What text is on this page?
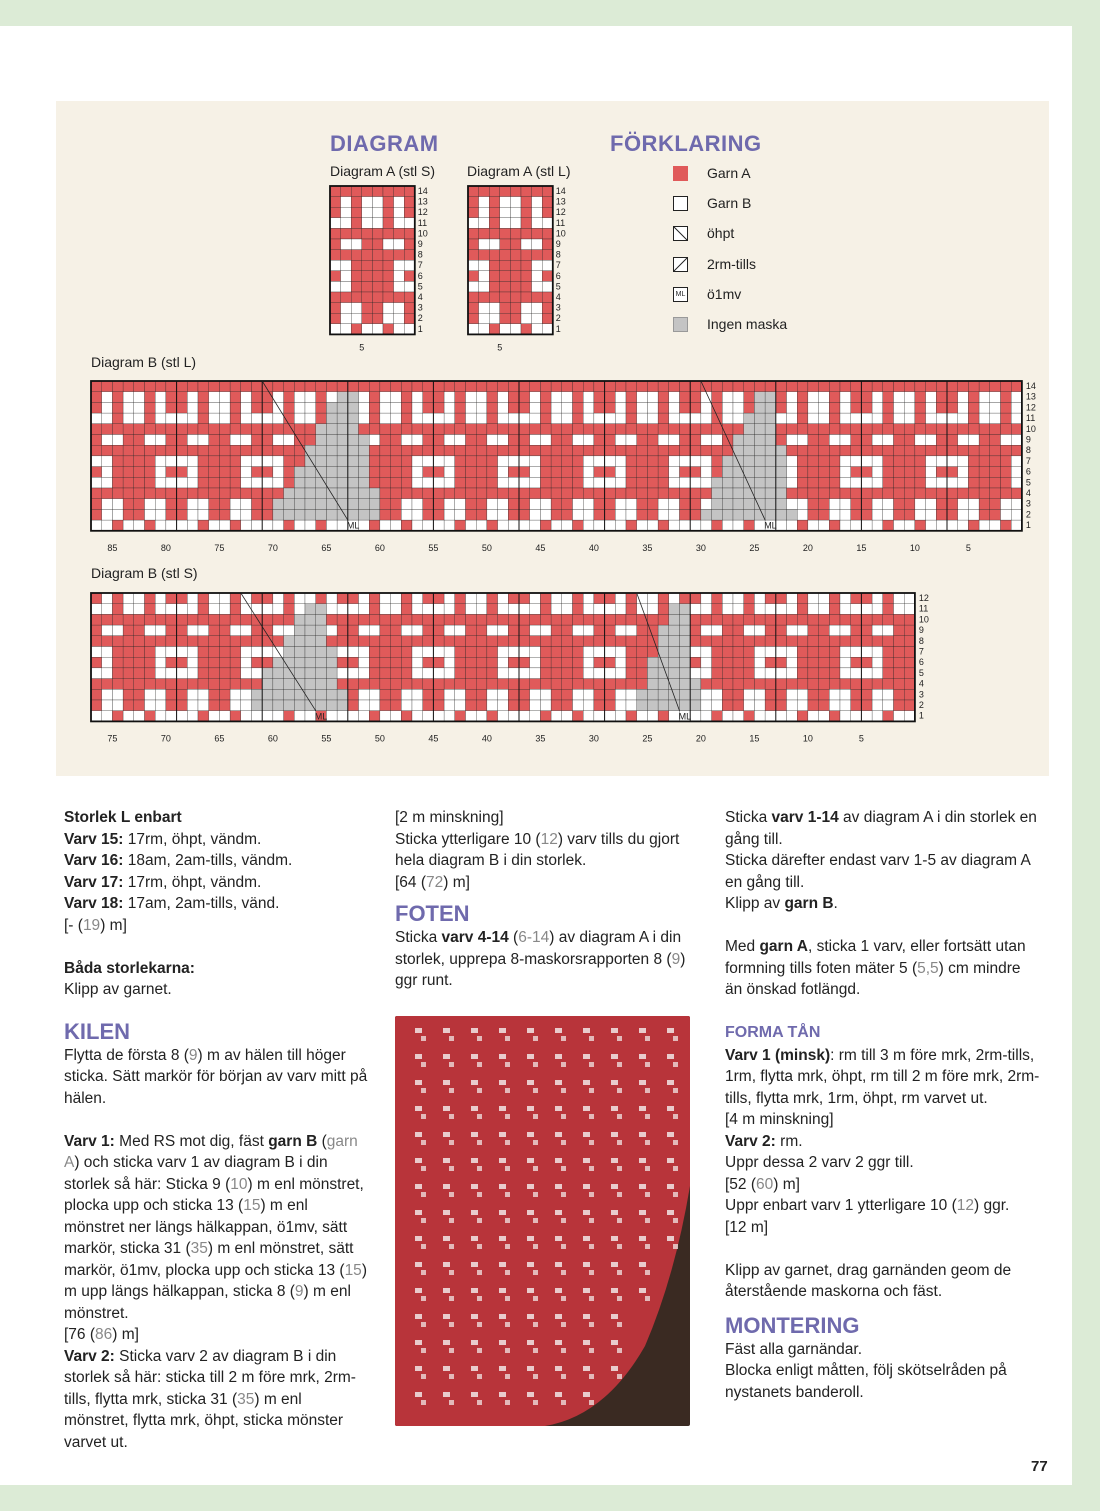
DIAGRAM	FÖRKLARING
Diagram A (stl S) Diagram A (stl L)
14
13
12
11
10
9
8
7
6
5
4
3
2
1
5
14
13
12
11
10
9
8
7
6
5
4
3
2
1
5
Garn A
Garn B
öhpt
2rm-tills
ML ö1mv
Ingen maska
Diagram B (stl L)
ML	ML
14
13
12
11
10
9
8
7
6
5
4
3
2
1
85	80	75	70	65	60	55	50	45	40	35	30	25	20	15	10	5
Diagram B (stl S)
ML	ML
12
11
10
9
8
7
6
5
4
3
2
1
75	70	65	60	55	50	45	40	35	30	25	20	15	10	5

Storlek L enbart

Varv 15: 17rm, öhpt, vändm.

Varv 16: 18am, 2am-tills, vändm.

Varv 17: 17rm, öhpt, vändm.

Varv 18: 17am, 2am-tills, vänd.

[- (19) m]

Båda storlekarna:

Klipp av garnet.

KILEN

Flytta de första 8 (9) m av hälen till höger sticka. Sätt markör för början av varv mitt på hälen.

Varv 1: Med RS mot dig, fäst garn B (garn A) och sticka varv 1 av diagram B i din storlek så här: Sticka 9 (10) m enl mönstret, plocka upp och sticka 13 (15) m enl mönstret ner längs hälkappan, ö1mv, sätt markör, sticka 31 (35) m enl mönstret, sätt markör, ö1mv, plocka upp och sticka 13 (15) m upp längs hälkappan, sticka 8 (9) m enl mönstret.

[76 (86) m]

Varv 2: Sticka varv 2 av diagram B i din storlek så här: sticka till 2 m före mrk, 2rm-tills, flytta mrk, sticka 31 (35) m enl mönstret, flytta mrk, öhpt, sticka mönster varvet ut.

[2 m minskning]

Sticka ytterligare 10 (12) varv tills du gjort hela diagram B i din storlek.

[64 (72) m]

FOTEN

Sticka varv 4-14 (6-14) av diagram A i din storlek, upprepa 8-maskorsrapporten 8 (9) ggr runt.

Sticka varv 1-14 av diagram A i din storlek en gång till.

Sticka därefter endast varv 1-5 av diagram A en gång till.

Klipp av garn B.

Med garn A, sticka 1 varv, eller fortsätt utan formning tills foten mäter 5 (5,5) cm mindre än önskad fotlängd.

FORMA TÅN

Varv 1 (minsk): rm till 3 m före mrk, 2rm-tills, 1rm, flytta mrk, öhpt, rm till 2 m före mrk, 2rm-tills, flytta mrk, 1rm, öhpt, rm varvet ut.

[4 m minskning]

Varv 2: rm.

Uppr dessa 2 varv 2 ggr till.

[52 (60) m]

Uppr enbart varv 1 ytterligare 10 (12) ggr.

[12 m]

Klipp av garnet, drag garnänden geom de återstående maskorna och fäst.

MONTERING

Fäst alla garnändar.

Blocka enligt måtten, följ skötselråden på nystanets banderoll.

77
